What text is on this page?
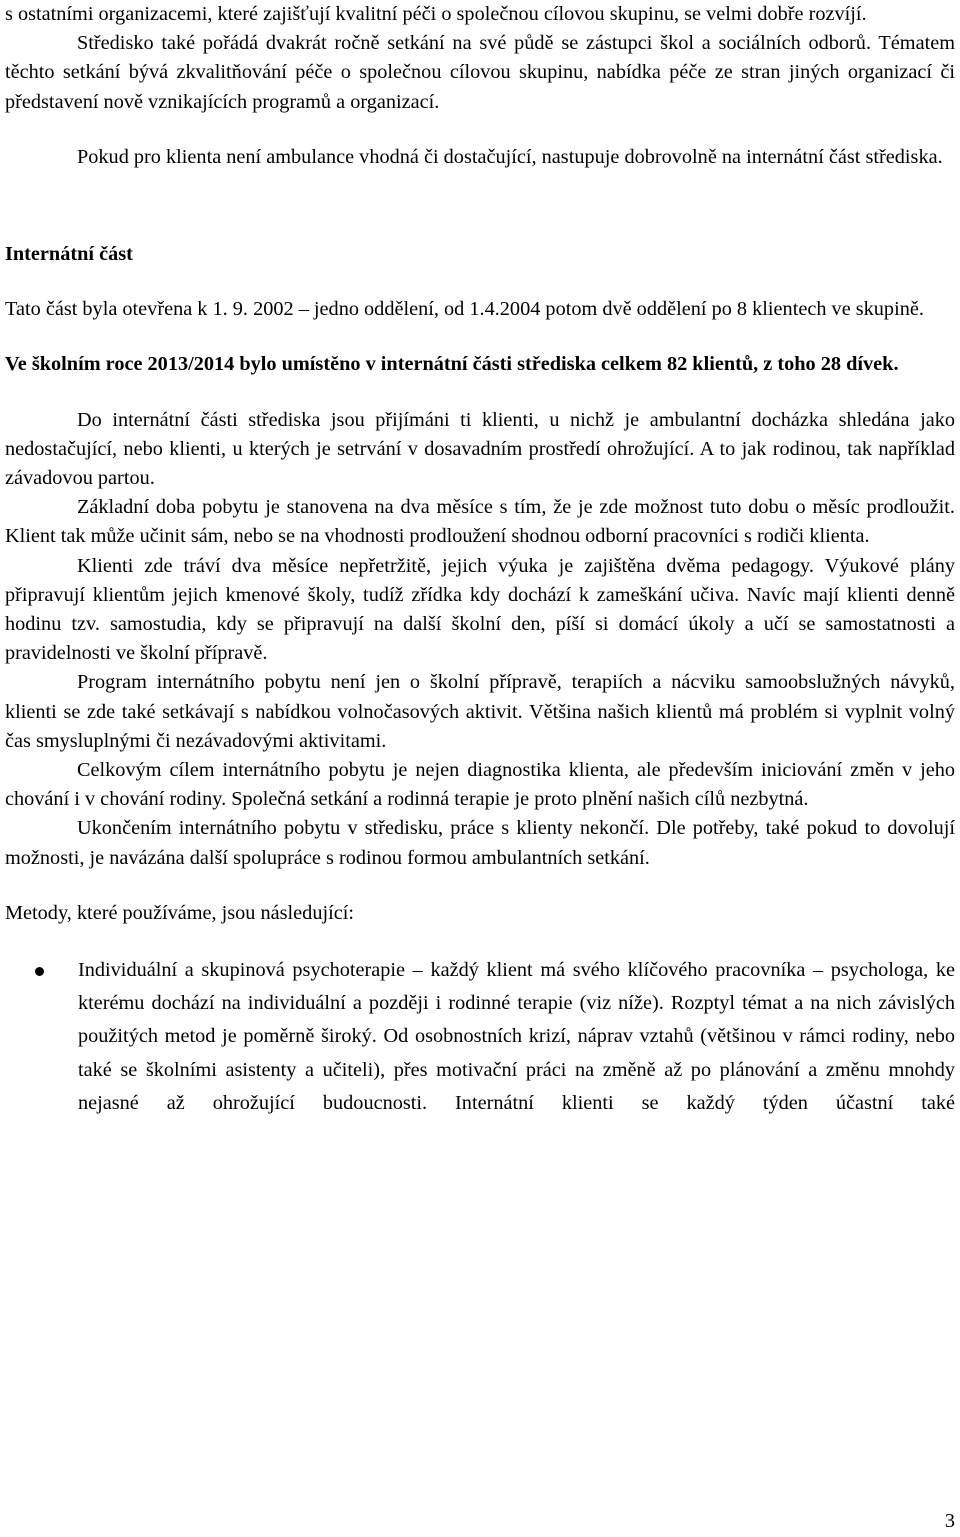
s ostatními organizacemi, které zajišťují kvalitní péči o společnou cílovou skupinu, se velmi dobře rozvíjí.

Středisko také pořádá dvakrát ročně setkání na své půdě se zástupci škol a sociálních odborů. Tématem těchto setkání bývá zkvalitňování péče o společnou cílovou skupinu, nabídka péče ze stran jiných organizací či představení nově vznikajících programů a organizací.

Pokud pro klienta není ambulance vhodná či dostačující, nastupuje dobrovolně na internátní část střediska.

Internátní část

Tato část byla otevřena k 1. 9. 2002 – jedno oddělení, od 1.4.2004 potom dvě oddělení po 8 klientech ve skupině.

Ve školním roce 2013/2014 bylo umístěno v internátní části střediska celkem 82 klientů, z toho 28 dívek.

Do internátní části střediska jsou přijímáni ti klienti, u nichž je ambulantní docházka shledána jako nedostačující, nebo klienti, u kterých je setrvání v dosavadním prostředí ohrožující. A to jak rodinou, tak například závadovou partou.

Základní doba pobytu je stanovena na dva měsíce s tím, že je zde možnost tuto dobu o měsíc prodloužit. Klient tak může učinit sám, nebo se na vhodnosti prodloužení shodnou odborní pracovníci s rodiči klienta.

Klienti zde tráví dva měsíce nepřetržitě, jejich výuka je zajištěna dvěma pedagogy. Výukové plány připravují klientům jejich kmenové školy, tudíž zřídka kdy dochází k zameškání učiva. Navíc mají klienti denně hodinu tzv. samostudia, kdy se připravují na další školní den, píší si domácí úkoly a učí se samostatnosti a pravidelnosti ve školní přípravě.

Program internátního pobytu není jen o školní přípravě, terapiích a nácviku samoobslužných návyků, klienti se zde také setkávají s nabídkou volnočasových aktivit. Většina našich klientů má problém si vyplnit volný čas smysluplnými či nezávadovými aktivitami.

Celkovým cílem internátního pobytu je nejen diagnostika klienta, ale především iniciování změn v jeho chování i v chování rodiny. Společná setkání a rodinná terapie je proto plnění našich cílů nezbytná.

Ukončením internátního pobytu v středisku, práce s klienty nekončí. Dle potřeby, také pokud to dovolují možnosti, je navázána další spolupráce s rodinou formou ambulantních setkání.

Metody, které používáme, jsou následující:

Individuální a skupinová psychoterapie – každý klient má svého klíčového pracovníka – psychologa, ke kterému dochází na individuální a později i rodinné terapie (viz níže). Rozptyl témat a na nich závislých použitých metod je poměrně široký. Od osobnostních krizí, náprav vztahů (většinou v rámci rodiny, nebo také se školními asistenty a učiteli), přes motivační práci na změně až po plánování a změnu mnohdy nejasné až ohrožující budoucnosti. Internátní klienti se každý týden účastní také
3
